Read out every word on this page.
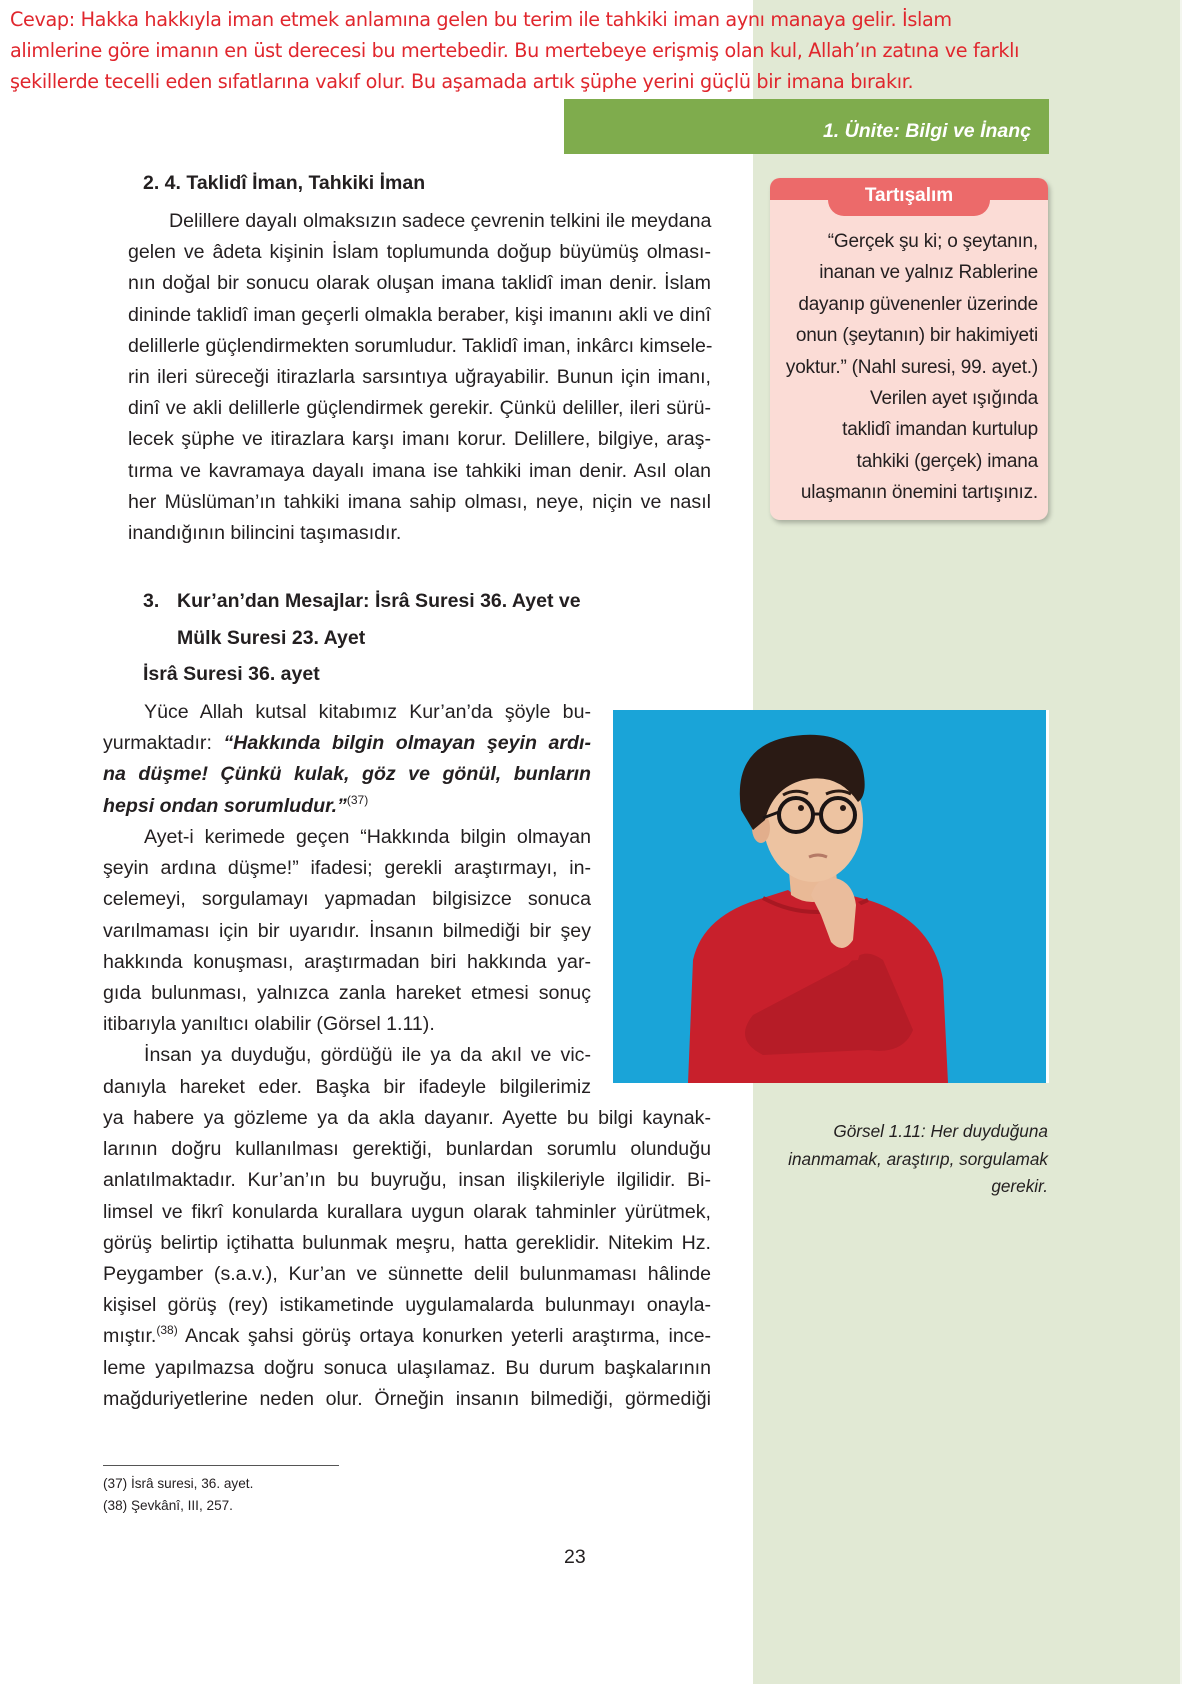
Cevap: Hakka hakkıyla iman etmek anlamına gelen bu terim ile tahkiki iman aynı manaya gelir. İslam

alimlerine göre imanın en üst derecesi bu mertebedir. Bu mertebeye erişmiş olan kul, Allah’ın zatına ve farklı

şekillerde tecelli eden sıfatlarına vakıf olur. Bu aşamada artık şüphe yerini güçlü bir imana bırakır.

1. Ünite: Bilgi ve İnanç
2. 4. Taklidî İman, Tahkiki İman
Delillere dayalı olmaksızın sadece çevrenin telkini ile meydana
gelen ve âdeta kişinin İslam toplumunda doğup büyümüş olması-
nın doğal bir sonucu olarak oluşan imana taklidî iman denir. İslam
dininde taklidî iman geçerli olmakla beraber, kişi imanını akli ve dinî
delillerle güçlendirmekten sorumludur. Taklidî iman, inkârcı kimsele-
rin ileri süreceği itirazlarla sarsıntıya uğrayabilir. Bunun için imanı,
dinî ve akli delillerle güçlendirmek gerekir. Çünkü deliller, ileri sürü-
lecek şüphe ve itirazlara karşı imanı korur. Delillere, bilgiye, araş-
tırma ve kavramaya dayalı imana ise tahkiki iman denir. Asıl olan
her Müslüman’ın tahkiki imana sahip olması, neye, niçin ve nasıl
inandığının bilincini taşımasıdır.
Tartışalım
“Gerçek şu ki; o şeytanın,
inanan ve yalnız Rablerine
dayanıp güvenenler üzerinde
onun (şeytanın) bir hakimiyeti
yoktur.” (Nahl suresi, 99. ayet.)
Verilen ayet ışığında
taklidî imandan kurtulup
tahkiki (gerçek) imana
ulaşmanın önemini tartışınız.
3. Kur’an’dan Mesajlar: İsrâ Suresi 36. Ayet ve
Mülk Suresi 23. Ayet
İsrâ Suresi 36. ayet
Yüce Allah kutsal kitabımız Kur’an’da şöyle bu-
yurmaktadır: “Hakkında bilgin olmayan şeyin ardı-
na düşme! Çünkü kulak, göz ve gönül, bunların
hepsi ondan sorumludur.”$^{(37)}$
Ayet-i kerimede geçen “Hakkında bilgin olmayan
şeyin ardına düşme!” ifadesi; gerekli araştırmayı, in-
celemeyi, sorgulamayı yapmadan bilgisizce sonuca
varılmaması için bir uyarıdır. İnsanın bilmediği bir şey
hakkında konuşması, araştırmadan biri hakkında yar-
gıda bulunması, yalnızca zanla hareket etmesi sonuç
itibarıyla yanıltıcı olabilir (Görsel 1.11).
İnsan ya duyduğu, gördüğü ile ya da akıl ve vic-
danıyla hareket eder. Başka bir ifadeyle bilgilerimiz
ya habere ya gözleme ya da akla dayanır. Ayette bu bilgi kaynak-
larının doğru kullanılması gerektiği, bunlardan sorumlu olunduğu
anlatılmaktadır. Kur’an’ın bu buyruğu, insan ilişkileriyle ilgilidir. Bi-
limsel ve fikrî konularda kurallara uygun olarak tahminler yürütmek,
görüş belirtip içtihatta bulunmak meşru, hatta gereklidir. Nitekim Hz.
Peygamber (s.a.v.), Kur’an ve sünnette delil bulunmaması hâlinde
kişisel görüş (rey) istikametinde uygulamalarda bulunmayı onayla-
mıştır.$^{(38)}$ Ancak şahsi görüş ortaya konurken yeterli araştırma, ince-
leme yapılmazsa doğru sonuca ulaşılamaz. Bu durum başkalarının
mağduriyetlerine neden olur. Örneğin insanın bilmediği, görmediği
Görsel 1.11: Her duyduğuna
inanmamak, araştırıp, sorgulamak
gerekir.
(37) İsrâ suresi, 36. ayet.
(38) Şevkânî, III, 257.
23
